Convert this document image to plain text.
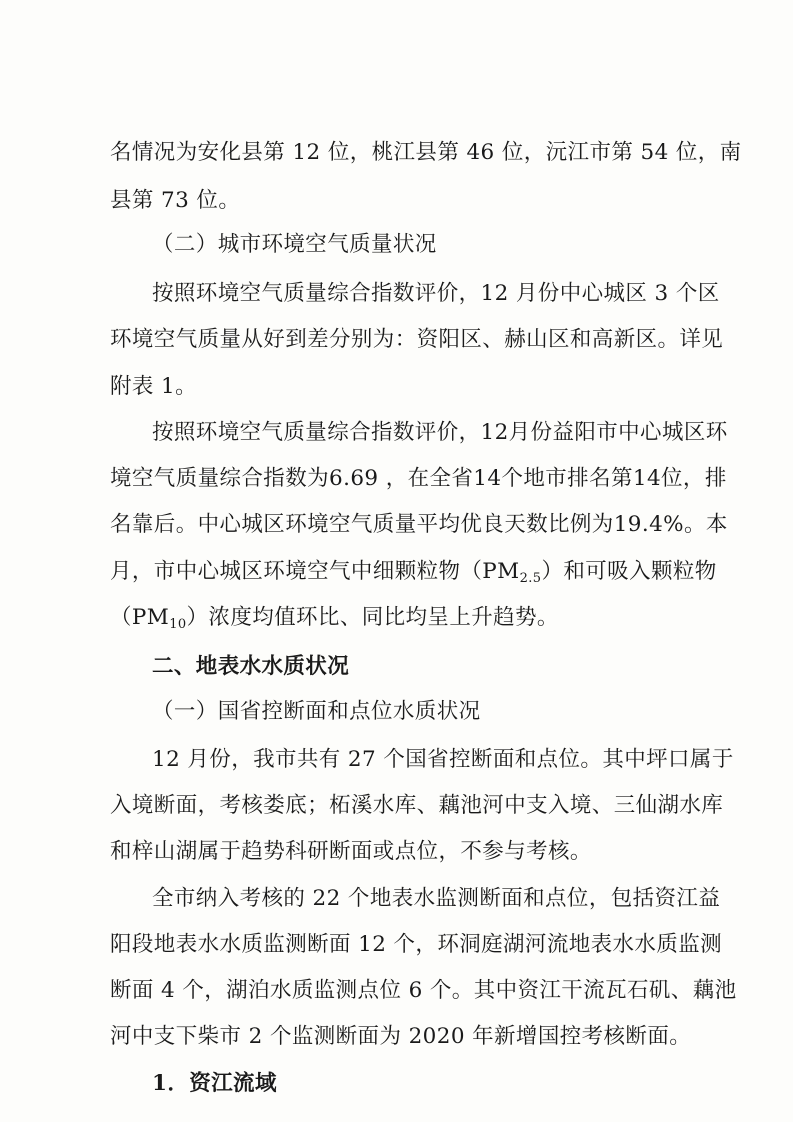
名情况为安化县第 12 位，桃江县第 46 位，沅江市第 54 位，南
县第 73 位。
（二）城市环境空气质量状况
按照环境空气质量综合指数评价，12 月份中心城区 3 个区
环境空气质量从好到差分别为：资阳区、赫山区和高新区。详见
附表 1。
按照环境空气质量综合指数评价，12月份益阳市中心城区环
境空气质量综合指数为6.69 ，在全省14个地市排名第14位，排
名靠后。中心城区环境空气质量平均优良天数比例为19.4%。本
月，市中心城区环境空气中细颗粒物$(PM_{2.5})$和可吸入颗粒物
$(PM_{10})$浓度均值环比、同比均呈上升趋势。
二、地表水水质状况
（一）国省控断面和点位水质状况
12 月份，我市共有 27 个国省控断面和点位。其中坪口属于
入境断面，考核娄底；柘溪水库、藕池河中支入境、三仙湖水库
和梓山湖属于趋势科研断面或点位，不参与考核。
全市纳入考核的 22 个地表水监测断面和点位，包括资江益
阳段地表水水质监测断面 12 个，环洞庭湖河流地表水水质监测
断面 4 个，湖泊水质监测点位 6 个。其中资江干流瓦石矶、藕池
河中支下柴市 2 个监测断面为 2020 年新增国控考核断面。
1．资江流域
